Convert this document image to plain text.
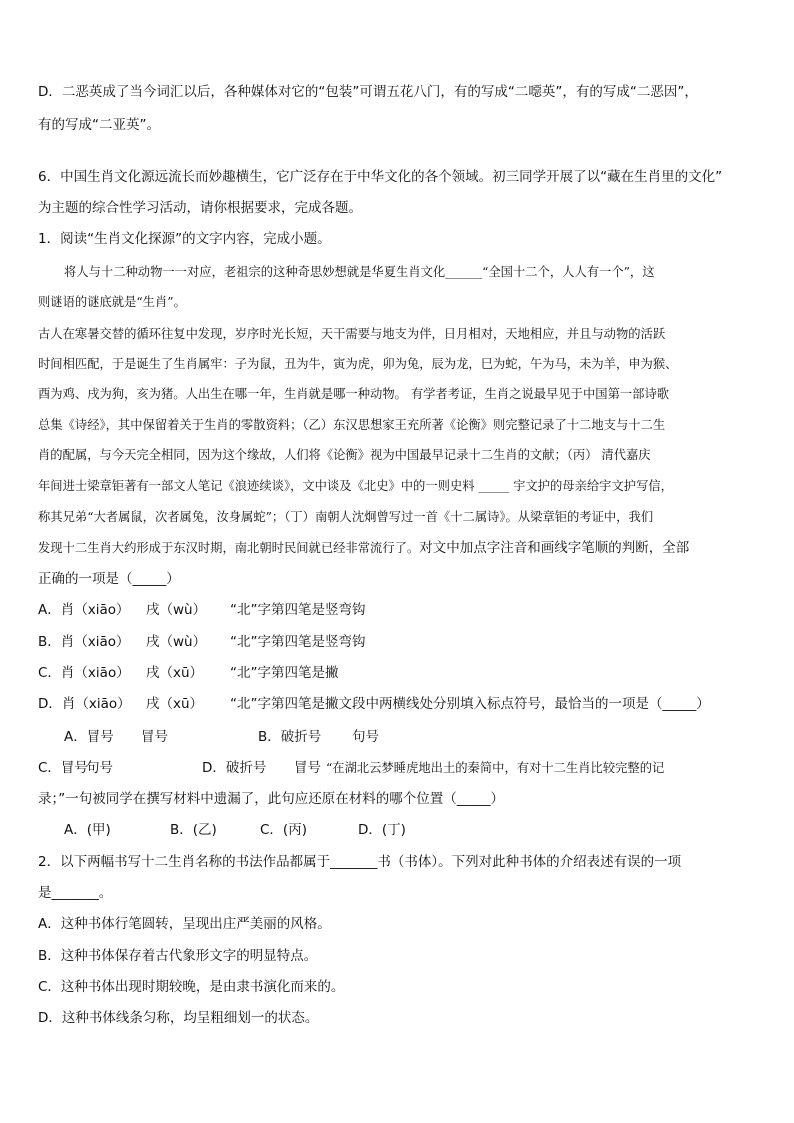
D．二恶英成了当今词汇以后，各种媒体对它的“包装”可谓五花八门，有的写成“二噁英”，有的写成“二恶因”，
有的写成“二亚英”。
6．中国生肖文化源远流长而妙趣横生，它广泛存在于中华文化的各个领域。初三同学开展了以“藏在生肖里的文化”
为主题的综合性学习活动，请你根据要求，完成各题。
1．阅读“生肖文化探源”的文字内容，完成小题。
将人与十二种动物一一对应，老祖宗的这种奇思妙想就是华夏生肖文化______“全国十二个，人人有一个”，这
则谜语的谜底就是“生肖”。
古人在寒暑交替的循环往复中发现，岁序时光长短，天干需要与地支为伴，日月相对，天地相应，并且与动物的活跃
时间相匹配，于是诞生了生肖属牢：子为鼠，丑为牛，寅为虎，卯为兔，辰为龙，巳为蛇，午为马，未为羊，申为猴、
酉为鸡、戌为狗，亥为猪。人出生在哪一年，生肖就是哪一种动物。 有学者考证，生肖之说最早见于中国第一部诗歌
总集《诗经》，其中保留着关于生肖的零散资料；（乙）东汉思想家王充所著《论衡》则完整记录了十二地支与十二生
肖的配属，与今天完全相同，因为这个缘故，人们将《论衡》视为中国最早记录十二生肖的文献；（丙） 清代嘉庆
年间进士梁章钜著有一部文人笔记《浪迹续谈》，文中谈及《北史》中的一则史料 _____ 宇文护的母亲给宇文护写信，
称其兄弟“大者属鼠，次者属兔，汝身属蛇”；（丁）南朝人沈炯曾写过一首《十二属诗》。从梁章钜的考证中，我们
发现十二生肖大约形成于东汉时期，南北朝时民间就已经非常流行了。对文中加点字注音和画线字笔顺的判断，全部
正确的一项是（_____）
A．肖（xiāo） 戌（wù） “北”字第四笔是竖弯钩
B．肖（xiāo） 戌（wù） “北”字第四笔是竖弯钩
C．肖（xiāo） 戌（xū） “北”字第四笔是撇
D．肖（xiāo） 戌（xū） “北”字第四笔是撇文段中两横线处分别填入标点符号，最恰当的一项是（_____）
A．冒号 冒号	B．破折号 句号
C．冒号句号	D．破折号 冒号 “在湖北云梦睡虎地出土的秦简中，有对十二生肖比较完整的记
录；”一句被同学在撰写材料中遗漏了，此句应还原在材料的哪个位置（_____）
A．(甲)	B．(乙)	C．(丙)	D．(丁)
2．以下两幅书写十二生肖名称的书法作品都属于_______书（书体）。下列对此种书体的介绍表述有误的一项
是_______。
A．这种书体行笔圆转，呈现出庄严美丽的风格。
B．这种书体保存着古代象形文字的明显特点。
C．这种书体出现时期较晚，是由隶书演化而来的。
D．这种书体线条匀称，均呈粗细划一的状态。
